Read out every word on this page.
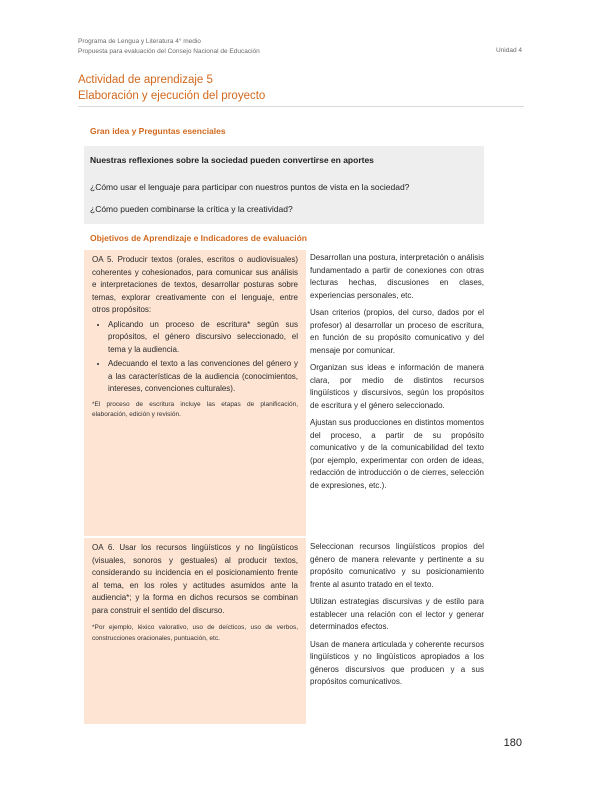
Programa de Lengua y Literatura 4° medio
Propuesta para evaluación del Consejo Nacional de Educación	Unidad 4
Actividad de aprendizaje 5
Elaboración y ejecución del proyecto
Gran idea y Preguntas esenciales
Nuestras reflexiones sobre la sociedad pueden convertirse en aportes
¿Cómo usar el lenguaje para participar con nuestros puntos de vista en la sociedad?
¿Cómo pueden combinarse la crítica y la creatividad?
Objetivos de Aprendizaje e Indicadores de evaluación
OA 5. Producir textos (orales, escritos o audiovisuales) coherentes y cohesionados, para comunicar sus análisis e interpretaciones de textos, desarrollar posturas sobre temas, explorar creativamente con el lenguaje, entre otros propósitos:
• Aplicando un proceso de escritura* según sus propósitos, el género discursivo seleccionado, el tema y la audiencia.
• Adecuando el texto a las convenciones del género y a las características de la audiencia (conocimientos, intereses, convenciones culturales).
*El proceso de escritura incluye las etapas de planificación, elaboración, edición y revisión.
Desarrollan una postura, interpretación o análisis fundamentado a partir de conexiones con otras lecturas hechas, discusiones en clases, experiencias personales, etc.
Usan criterios (propios, del curso, dados por el profesor) al desarrollar un proceso de escritura, en función de su propósito comunicativo y del mensaje por comunicar.
Organizan sus ideas e información de manera clara, por medio de distintos recursos lingüísticos y discursivos, según los propósitos de escritura y el género seleccionado.
Ajustan sus producciones en distintos momentos del proceso, a partir de su propósito comunicativo y de la comunicabilidad del texto (por ejemplo, experimentar con orden de ideas, redacción de introducción o de cierres, selección de expresiones, etc.).
OA 6. Usar los recursos lingüísticos y no lingüísticos (visuales, sonoros y gestuales) al producir textos, considerando su incidencia en el posicionamiento frente al tema, en los roles y actitudes asumidos ante la audiencia*; y la forma en dichos recursos se combinan para construir el sentido del discurso.
*Por ejemplo, léxico valorativo, uso de deícticos, uso de verbos, construcciones oracionales, puntuación, etc.
Seleccionan recursos lingüísticos propios del género de manera relevante y pertinente a su propósito comunicativo y su posicionamiento frente al asunto tratado en el texto.
Utilizan estrategias discursivas y de estilo para establecer una relación con el lector y generar determinados efectos.
Usan de manera articulada y coherente recursos lingüísticos y no lingüísticos apropiados a los géneros discursivos que producen y a sus propósitos comunicativos.
180
